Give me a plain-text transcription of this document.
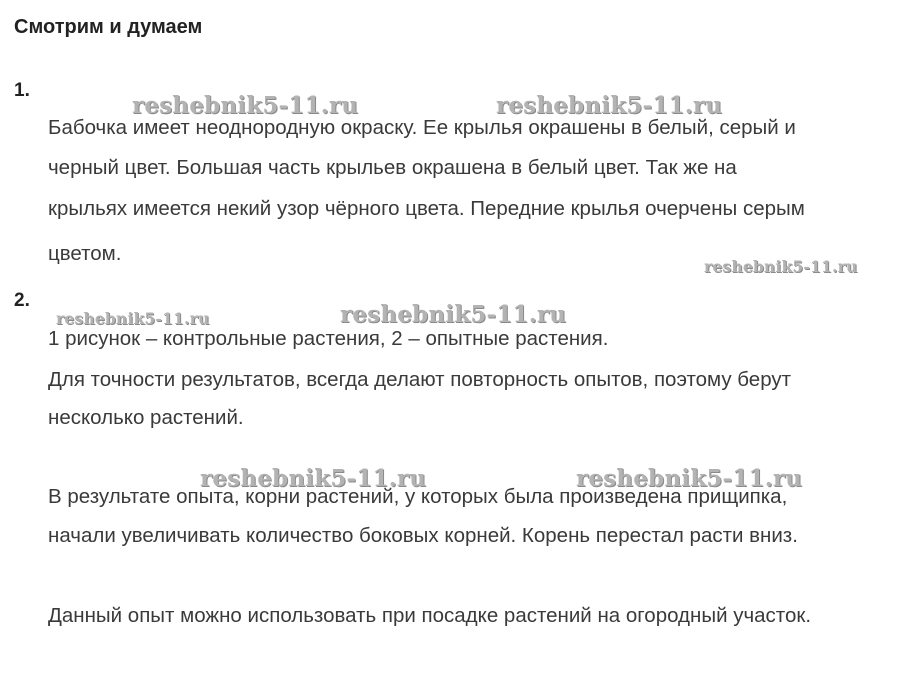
Смотрим и думаем
1.

Бабочка имеет неоднородную окраску. Ее крылья окрашены в белый, серый и

черный цвет. Большая часть крыльев окрашена в белый цвет. Так же на

крыльях имеется некий узор чёрного цвета. Передние крылья очерчены серым

цветом.

2.

1 рисунок – контрольные растения, 2 – опытные растения.

Для точности результатов, всегда делают повторность опытов, поэтому берут

несколько растений.

В результате опыта, корни растений, у которых была произведена прищипка,

начали увеличивать количество боковых корней. Корень перестал расти вниз.

Данный опыт можно использовать при посадке растений на огородный участок.

reshebnik5-11.ru	reshebnik5-11.ru
reshebnik5-11.ru
reshebnik5-11.ru	reshebnik5-11.ru
reshebnik5-11.ru	reshebnik5-11.ru
